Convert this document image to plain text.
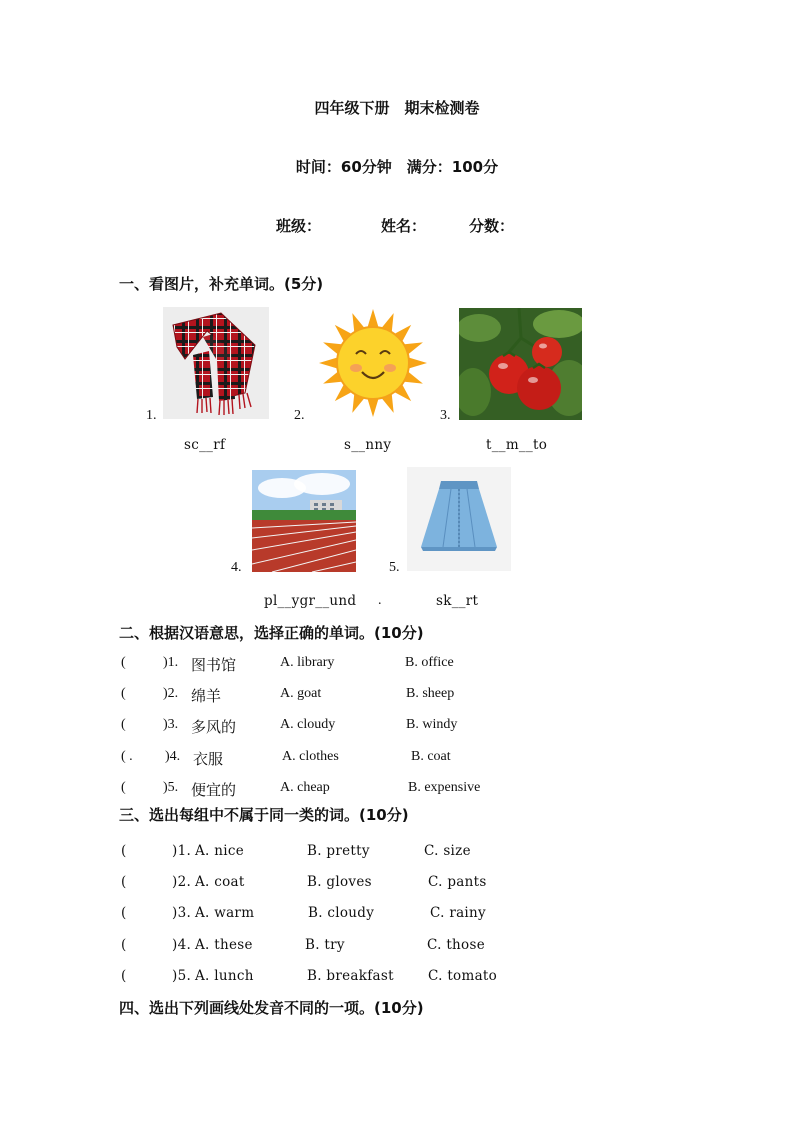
四年级下册　期末检测卷
时间：60分钟　满分：100分
班级：	姓名：	分数：
一、看图片，补充单词。(5分)
1.	2.	3.
sc__rf	s__nny	t__m__to
4.	5.
pl__ygr__und .	sk__rt
二、根据汉语意思，选择正确的单词。(10分)
(	)1. 图书馆	A. library	B. office
(	)2. 绵羊	A. goat	B. sheep
(	)3. 多风的	A. cloudy	B. windy
( . )4. 衣服	A. clothes	B. coat
(	)5. 便宜的	A. cheap	B. expensive
三、选出每组中不属于同一类的词。(10分)
(	)1. A. nice	B. pretty	C. size
(	)2. A. coat	B. gloves	C. pants
(	)3. A. warm	B. cloudy	C. rainy
(	)4. A. these	B. try	C. those
(	)5. A. lunch	B. breakfast	C. tomato
四、选出下列画线处发音不同的一项。(10分)
